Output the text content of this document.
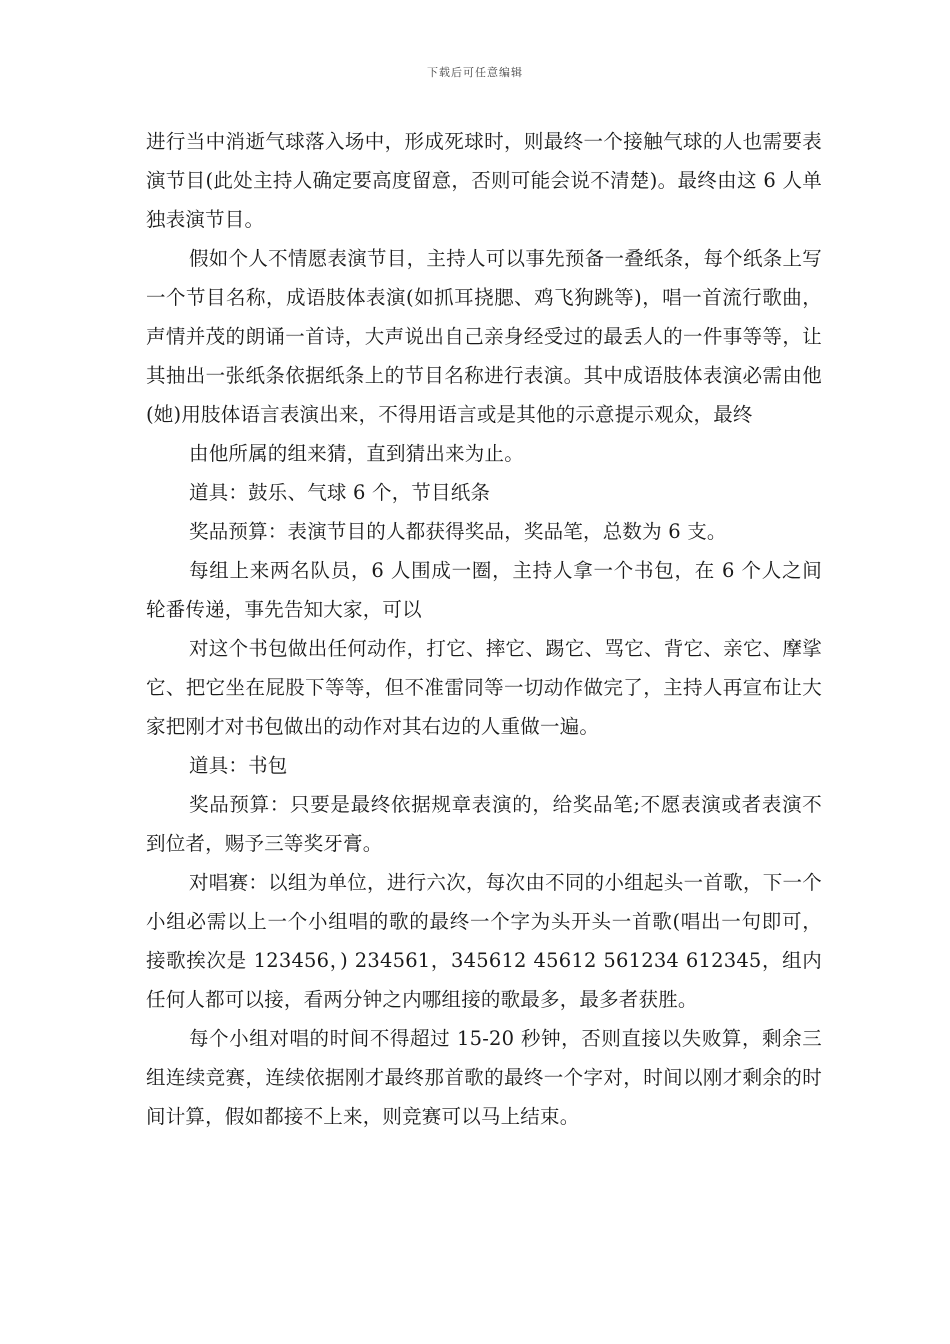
下载后可任意编辑

进行当中消逝气球落入场中，形成死球时，则最终一个接触气球的人也需要表演节目(此处主持人确定要高度留意，否则可能会说不清楚)。最终由这 6 人单独表演节目。

假如个人不情愿表演节目，主持人可以事先预备一叠纸条，每个纸条上写一个节目名称，成语肢体表演(如抓耳挠腮、鸡飞狗跳等)，唱一首流行歌曲，声情并茂的朗诵一首诗，大声说出自己亲身经受过的最丢人的一件事等等，让其抽出一张纸条依据纸条上的节目名称进行表演。其中成语肢体表演必需由他(她)用肢体语言表演出来，不得用语言或是其他的示意提示观众，最终

由他所属的组来猜，直到猜出来为止。

道具：鼓乐、气球 6 个，节目纸条

奖品预算：表演节目的人都获得奖品，奖品笔，总数为 6 支。

每组上来两名队员，6 人围成一圈，主持人拿一个书包，在 6 个人之间轮番传递，事先告知大家，可以

对这个书包做出任何动作，打它、摔它、踢它、骂它、背它、亲它、摩挲它、把它坐在屁股下等等，但不准雷同等一切动作做完了，主持人再宣布让大家把刚才对书包做出的动作对其右边的人重做一遍。

道具：书包

奖品预算：只要是最终依据规章表演的，给奖品笔;不愿表演或者表演不到位者，赐予三等奖牙膏。

对唱赛：以组为单位，进行六次，每次由不同的小组起头一首歌，下一个小组必需以上一个小组唱的歌的最终一个字为头开头一首歌(唱出一句即可，接歌挨次是 123456，) 234561，345612 45612 561234 612345，组内任何人都可以接，看两分钟之内哪组接的歌最多，最多者获胜。

每个小组对唱的时间不得超过 15-20 秒钟，否则直接以失败算，剩余三组连续竞赛，连续依据刚才最终那首歌的最终一个字对，时间以刚才剩余的时间计算，假如都接不上来，则竞赛可以马上结束。
